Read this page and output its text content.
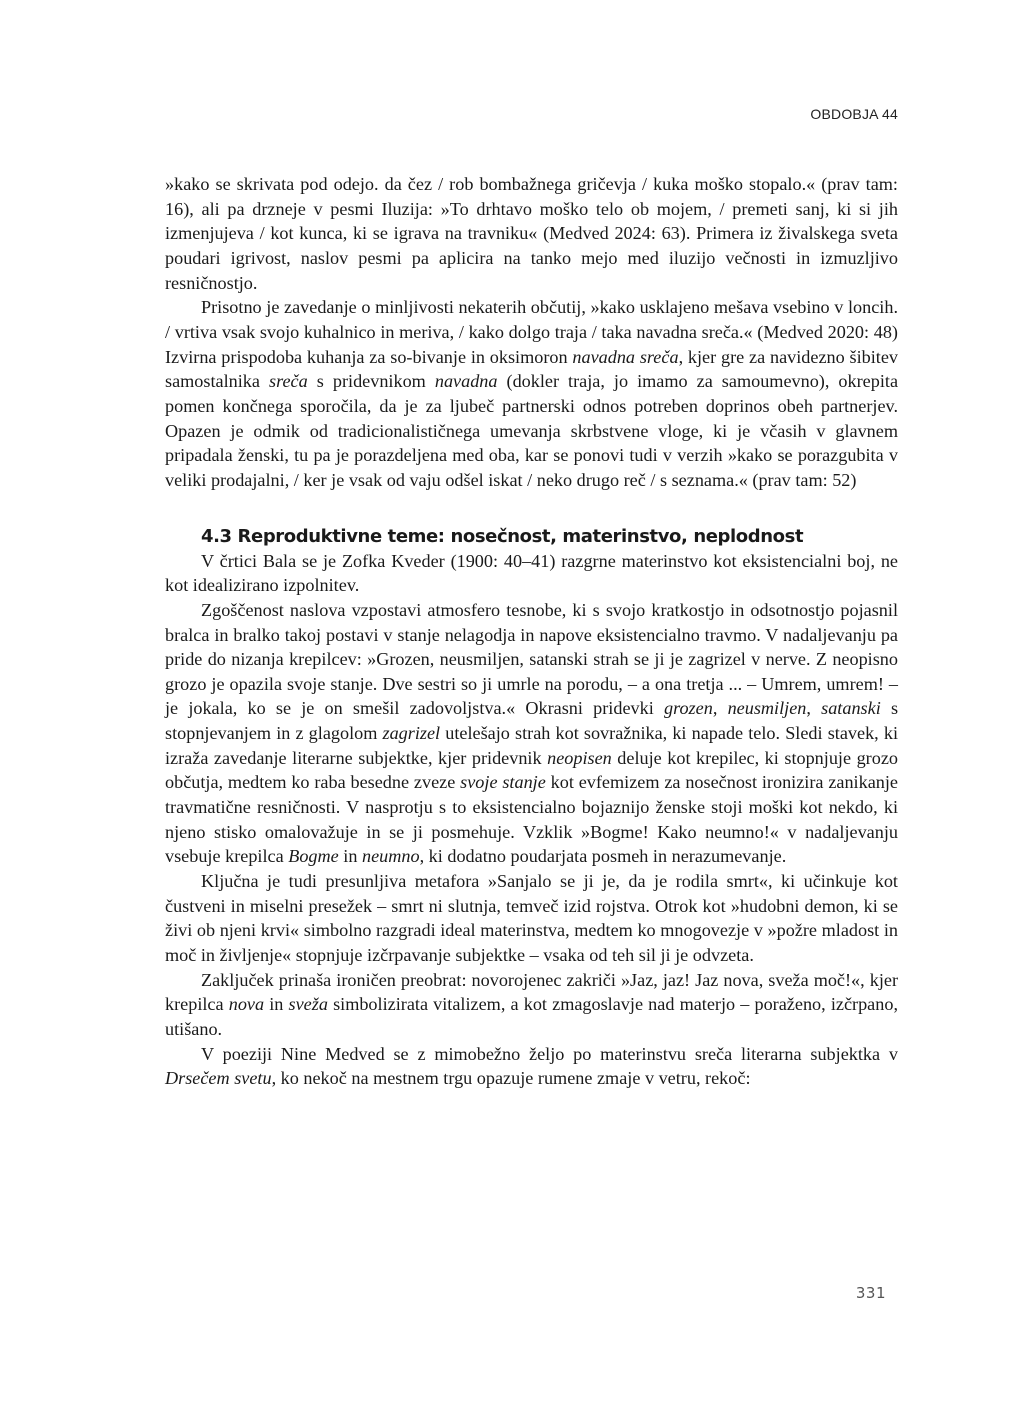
OBDOBJA 44

»kako se skrivata pod odejo. da čez / rob bombažnega gričevja / kuka moško stopalo.« (prav tam: 16), ali pa drzneje v pesmi Iluzija: »To drhtavo moško telo ob mojem, / premeti sanj, ki si jih izmenjujeva / kot kunca, ki se igrava na travniku« (Medved 2024: 63). Primera iz živalskega sveta poudari igrivost, naslov pesmi pa aplicira na tanko mejo med iluzijo večnosti in izmuzljivo resničnostjo.

Prisotno je zavedanje o minljivosti nekaterih občutij, »kako usklajeno mešava vsebino v loncih. / vrtiva vsak svojo kuhalnico in meriva, / kako dolgo traja / taka navadna sreča.« (Medved 2020: 48) Izvirna prispodoba kuhanja za so-bivanje in oksimoron navadna sreča, kjer gre za navidezno šibitev samostalnika sreča s pridevnikom navadna (dokler traja, jo imamo za samoumevno), okrepita pomen končnega sporočila, da je za ljubeč partnerski odnos potreben doprinos obeh partnerjev. Opazen je odmik od tradicionalističnega umevanja skrbstvene vloge, ki je včasih v glavnem pripadala ženski, tu pa je porazdeljena med oba, kar se ponovi tudi v verzih »kako se porazgubita v veliki prodajalni, / ker je vsak od vaju odšel iskat / neko drugo reč / s seznama.« (prav tam: 52)

4.3 Reproduktivne teme: nosečnost, materinstvo, neplodnost

V črtici Bala se je Zofka Kveder (1900: 40–41) razgrne materinstvo kot eksistencialni boj, ne kot idealizirano izpolnitev.

Zgoščenost naslova vzpostavi atmosfero tesnobe, ki s svojo kratkostjo in odsotnostjo pojasnil bralca in bralko takoj postavi v stanje nelagodja in napove eksistencialno travmo. V nadaljevanju pa pride do nizanja krepilcev: »Grozen, neusmiljen, satanski strah se ji je zagrizel v nerve. Z neopisno grozo je opazila svoje stanje. Dve sestri so ji umrle na porodu, – a ona tretja ... – Umrem, umrem! – je jokala, ko se je on smešil zadovoljstva.« Okrasni pridevki grozen, neusmiljen, satanski s stopnjevanjem in z glagolom zagrizel utelešajo strah kot sovražnika, ki napade telo. Sledi stavek, ki izraža zavedanje literarne subjektke, kjer pridevnik neopisen deluje kot krepilec, ki stopnjuje grozo občutja, medtem ko raba besedne zveze svoje stanje kot evfemizem za nosečnost ironizira zanikanje travmatične resničnosti. V nasprotju s to eksistencialno bojaznijo ženske stoji moški kot nekdo, ki njeno stisko omalovažuje in se ji posmehuje. Vzklik »Bogme! Kako neumno!« v nadaljevanju vsebuje krepilca Bogme in neumno, ki dodatno poudarjata posmeh in nerazumevanje.

Ključna je tudi presunljiva metafora »Sanjalo se ji je, da je rodila smrt«, ki učinkuje kot čustveni in miselni presežek – smrt ni slutnja, temveč izid rojstva. Otrok kot »hudobni demon, ki se živi ob njeni krvi« simbolno razgradi ideal materinstva, medtem ko mnogovezje v »požre mladost in moč in življenje« stopnjuje izčrpavanje subjektke – vsaka od teh sil ji je odvzeta.

Zaključek prinaša ironičen preobrat: novorojenec zakriči »Jaz, jaz! Jaz nova, sveža moč!«, kjer krepilca nova in sveža simbolizirata vitalizem, a kot zmagoslavje nad materjo – poraženo, izčrpano, utišano.

V poeziji Nine Medved se z mimobežno željo po materinstvu sreča literarna subjektka v Drsečem svetu, ko nekoč na mestnem trgu opazuje rumene zmaje v vetru, rekoč:

331
